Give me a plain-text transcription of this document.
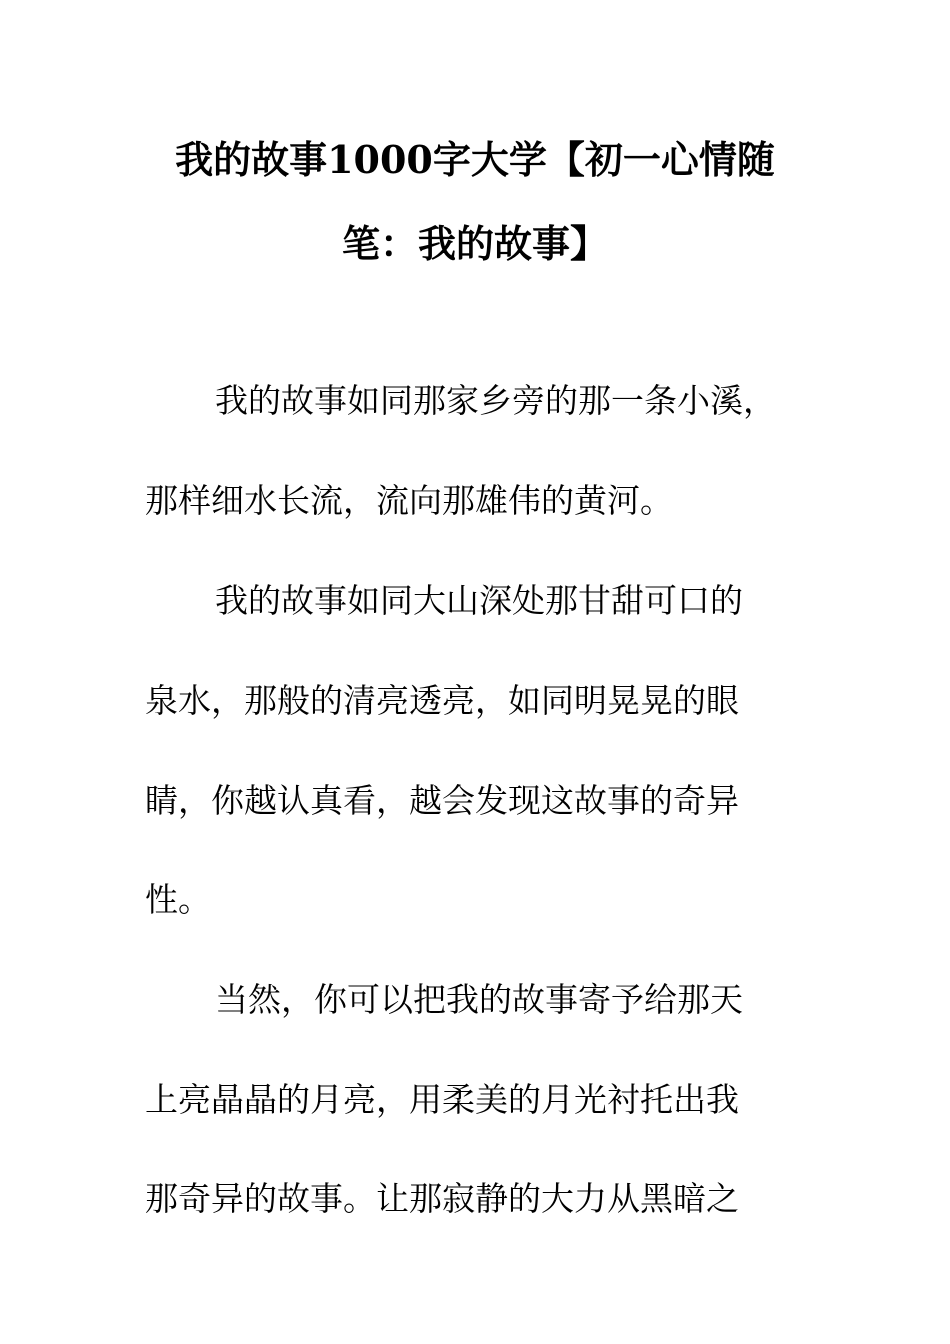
我的故事1000字大学【初一心情随
笔：我的故事】

我的故事如同那家乡旁的那一条小溪，

那样细水长流，流向那雄伟的黄河。

我的故事如同大山深处那甘甜可口的

泉水，那般的清亮透亮，如同明晃晃的眼

睛，你越认真看，越会发现这故事的奇异

性。

当然，你可以把我的故事寄予给那天

上亮晶晶的月亮，用柔美的月光衬托出我

那奇异的故事。让那寂静的大力从黑暗之
